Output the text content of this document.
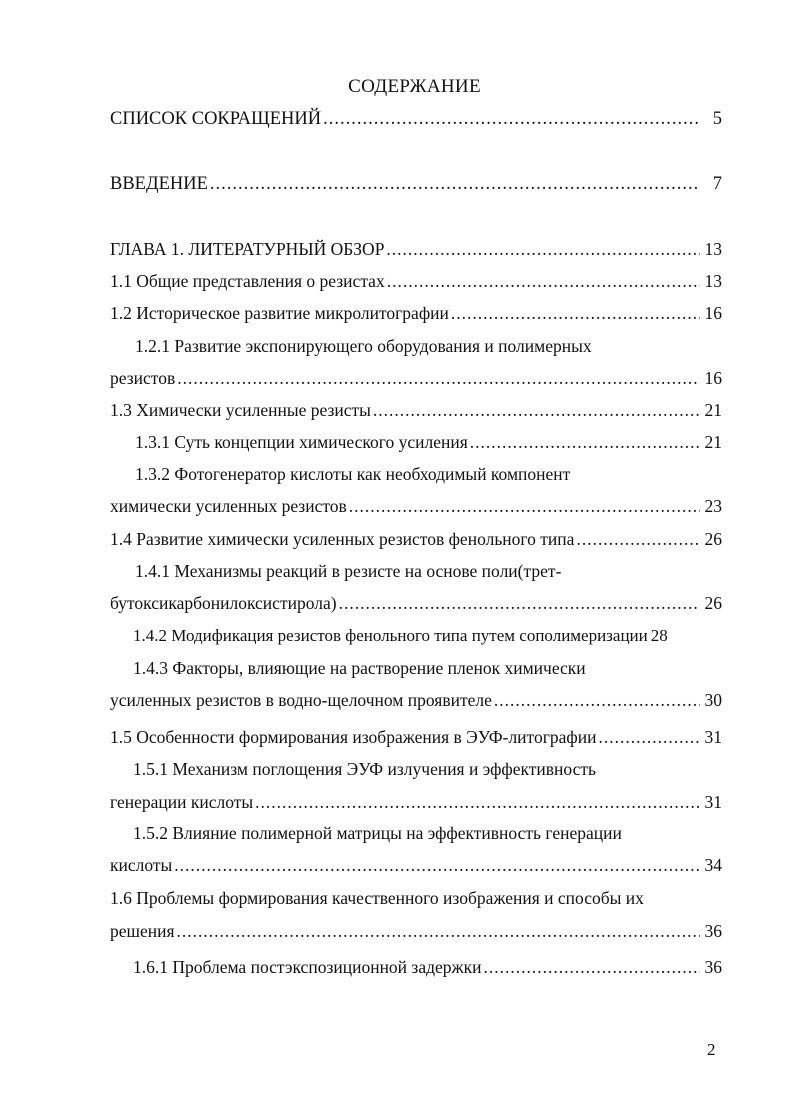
СОДЕРЖАНИЕ
СПИСОК СОКРАЩЕНИЙ .....	5
ВВЕДЕНИЕ .....	7
ГЛАВА 1. ЛИТЕРАТУРНЫЙ ОБЗОР .....	13
1.1 Общие представления о резистах .....	13
1.2 Историческое развитие микролитографии .....	16
1.2.1 Развитие экспонирующего оборудования и полимерных
резистов .....	16
1.3 Химически усиленные резисты .....	21
1.3.1 Суть концепции химического усиления .....	21
1.3.2 Фотогенератор кислоты как необходимый компонент
химически усиленных резистов .....	23
1.4 Развитие химически усиленных резистов фенольного типа .....	26
1.4.1 Механизмы реакций в резисте на основе поли(трет-
бутоксикарбонилоксистирола) .....	26
1.4.2 Модификация резистов фенольного типа путем сополимеризации 28
1.4.3 Факторы, влияющие на растворение пленок химически
усиленных резистов в водно-щелочном проявителе .....	30
1.5 Особенности формирования изображения в ЭУФ-литографии .....	31
1.5.1 Механизм поглощения ЭУФ излучения и эффективность
генерации кислоты .....	31
1.5.2 Влияние полимерной матрицы на эффективность генерации
кислоты .....	34
1.6 Проблемы формирования качественного изображения и способы их
решения .....	36
1.6.1 Проблема постэкспозиционной задержки .....	36
2
